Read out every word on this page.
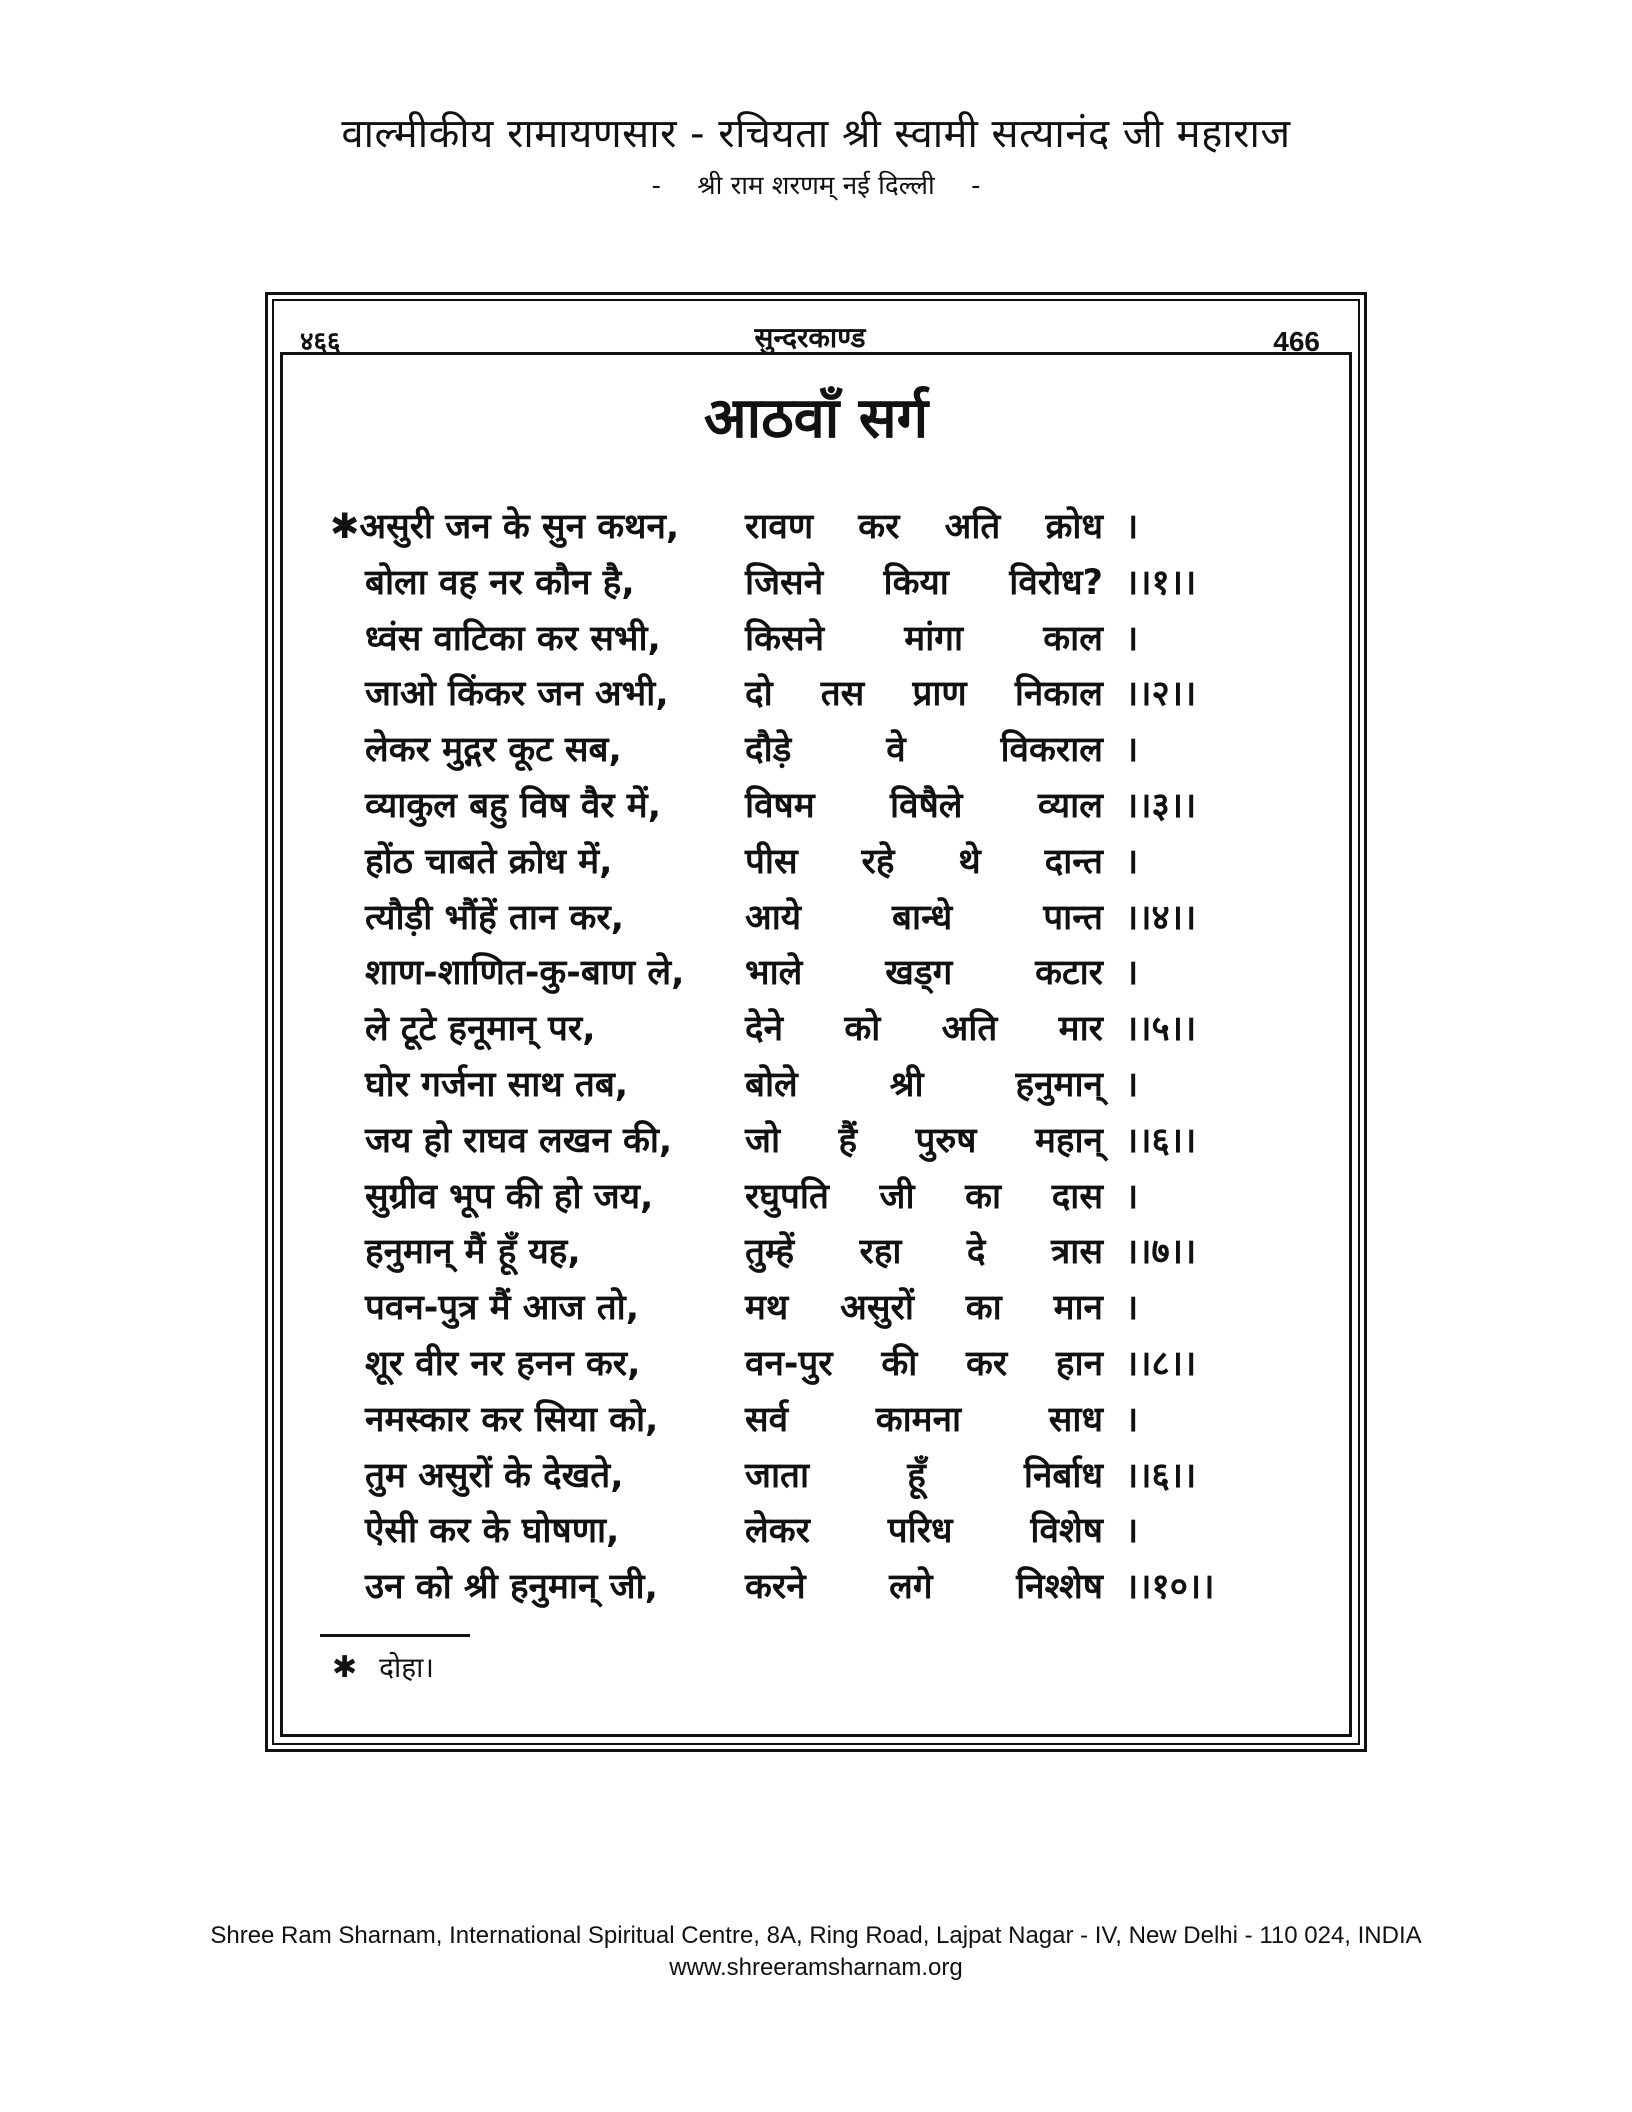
वाल्मीकीय रामायणसार - रचियता श्री स्वामी सत्यानंद जी महाराज
- श्री राम शरणम् नई दिल्ली -
४६६	सुन्दरकाण्ड	466
आठवाँ सर्ग
✱असुरी जन के सुन कथन, रावण कर अति क्रोध ।
बोला वह नर कौन है,	जिसने किया विरोध? ।।१।।
ध्वंस वाटिका कर सभी, किसने मांगा काल ।
जाओ किंकर जन अभी, दो तस प्राण निकाल ।।२।।
लेकर मुद्गर कूट सब,	दौड़े	वे	विकराल ।
व्याकुल बहु विष वैर में, विषम विषैले व्याल ।।३।।
होंठ चाबते क्रोध में,	पीस रहे थे दान्त ।
त्यौड़ी भौंहें तान कर,	आये	बान्धे	पान्त ।।४।।
शाण-शाणित-कु-बाण ले, भाले खड्ग कटार ।
ले टूटे हनूमान् पर,	देने को अति मार ।।५।।
घोर गर्जना साथ तब,	बोले	श्री	हनुमान् ।
जय हो राघव लखन की, जो हैं पुरुष महान् ।।६।।
सुग्रीव भूप की हो जय,	रघुपति जी का दास ।
हनुमान् मैं हूँ यह,	तुम्हें रहा दे त्रास ।।७।।
पवन-पुत्र मैं आज तो,	मथ असुरों का मान ।
शूर वीर नर हनन कर,	वन-पुर की कर हान ।।८।।
नमस्कार कर सिया को, सर्व	कामना	साध ।
तुम असुरों के देखते,	जाता	हूँ	निर्बाध ।।६।।
ऐसी कर के घोषणा,	लेकर परिध विशेष ।
उन को श्री हनुमान् जी, करने लगे निश्शेष ।।१०।।
✱ दोहा।
Shree Ram Sharnam, International Spiritual Centre, 8A, Ring Road, Lajpat Nagar - IV, New Delhi - 110 024, INDIA
www.shreeramsharnam.org
